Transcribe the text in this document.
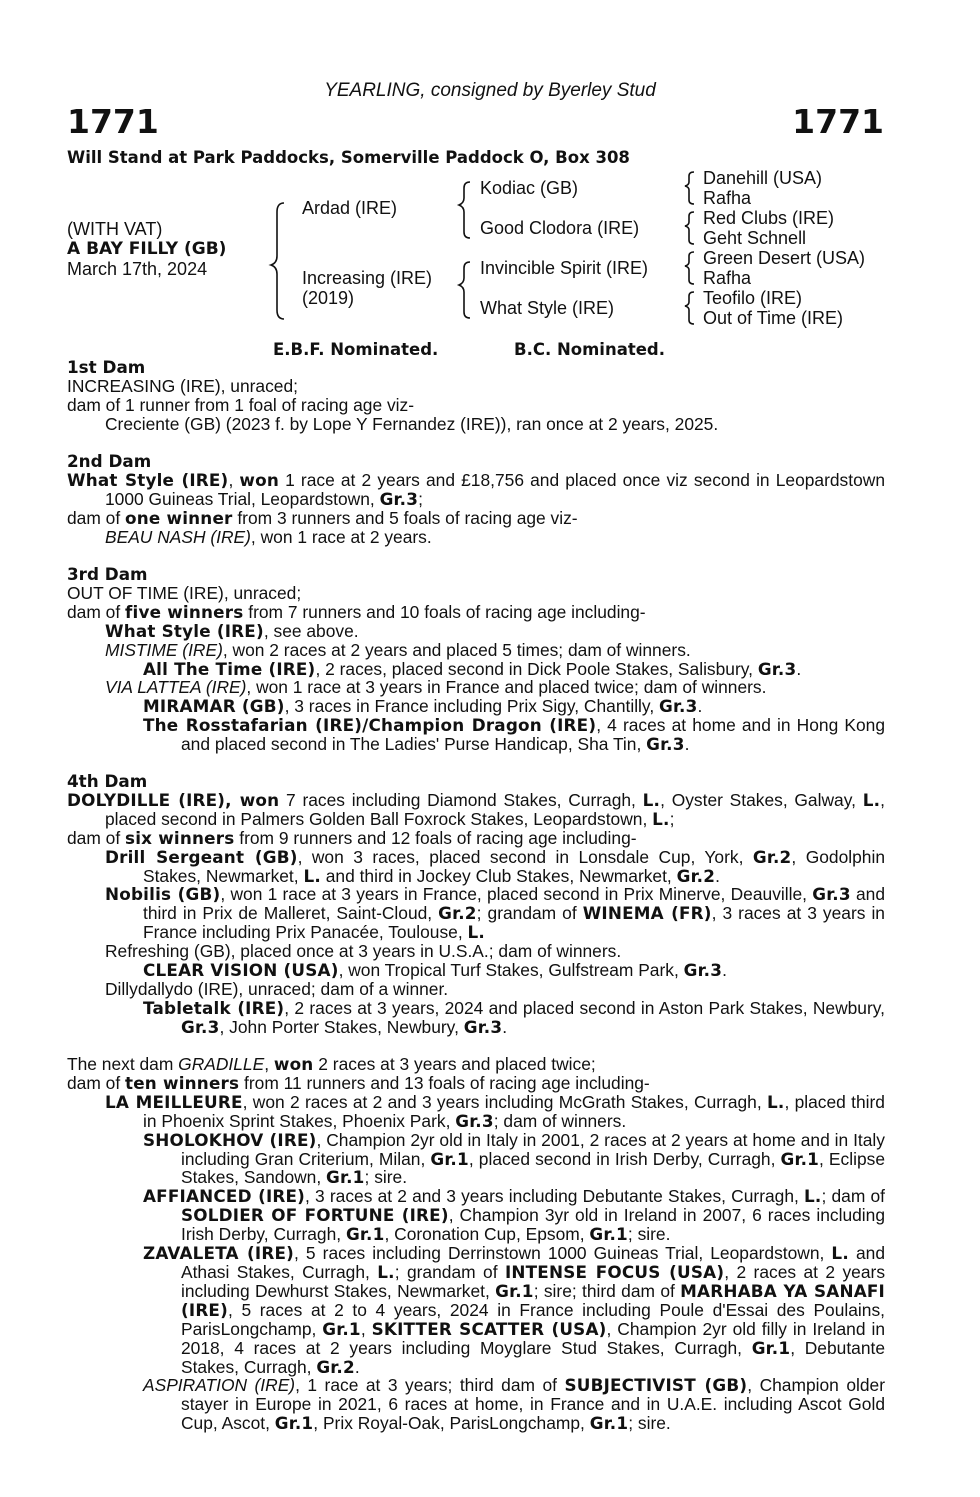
YEARLING, consigned by Byerley Stud
1771	1771
Will Stand at Park Paddocks, Somerville Paddock O, Box 308
(WITH VAT)
A BAY FILLY (GB)
March 17th, 2024
Ardad (IRE)
Increasing (IRE)
(2019)
Kodiac (GB)
Good Clodora (IRE)
Invincible Spirit (IRE)
What Style (IRE)
Danehill (USA)
Rafha
Red Clubs (IRE)
Geht Schnell
Green Desert (USA)
Rafha
Teofilo (IRE)
Out of Time (IRE)
E.B.F. Nominated.	B.C. Nominated.

1st Dam

INCREASING (IRE), unraced;

dam of 1 runner from 1 foal of racing age viz-

Creciente (GB) (2023 f. by Lope Y Fernandez (IRE)), ran once at 2 years, 2025.

2nd Dam

What Style (IRE), won 1 race at 2 years and £18,756 and placed once viz second in Leopardstown 1000 Guineas Trial, Leopardstown, Gr.3;

dam of one winner from 3 runners and 5 foals of racing age viz-

BEAU NASH (IRE), won 1 race at 2 years.

3rd Dam

OUT OF TIME (IRE), unraced;

dam of five winners from 7 runners and 10 foals of racing age including-

What Style (IRE), see above.

MISTIME (IRE), won 2 races at 2 years and placed 5 times; dam of winners.

All The Time (IRE), 2 races, placed second in Dick Poole Stakes, Salisbury, Gr.3.

VIA LATTEA (IRE), won 1 race at 3 years in France and placed twice; dam of winners.

MIRAMAR (GB), 3 races in France including Prix Sigy, Chantilly, Gr.3.

The Rosstafarian (IRE)/Champion Dragon (IRE), 4 races at home and in Hong Kong and placed second in The Ladies' Purse Handicap, Sha Tin, Gr.3.

4th Dam

DOLYDILLE (IRE), won 7 races including Diamond Stakes, Curragh, L., Oyster Stakes, Galway, L., placed second in Palmers Golden Ball Foxrock Stakes, Leopardstown, L.;

dam of six winners from 9 runners and 12 foals of racing age including-

Drill Sergeant (GB), won 3 races, placed second in Lonsdale Cup, York, Gr.2, Godolphin Stakes, Newmarket, L. and third in Jockey Club Stakes, Newmarket, Gr.2.

Nobilis (GB), won 1 race at 3 years in France, placed second in Prix Minerve, Deauville, Gr.3 and third in Prix de Malleret, Saint-Cloud, Gr.2; grandam of WINEMA (FR), 3 races at 3 years in France including Prix Panacée, Toulouse, L.

Refreshing (GB), placed once at 3 years in U.S.A.; dam of winners.

CLEAR VISION (USA), won Tropical Turf Stakes, Gulfstream Park, Gr.3.

Dillydallydo (IRE), unraced; dam of a winner.

Tabletalk (IRE), 2 races at 3 years, 2024 and placed second in Aston Park Stakes, Newbury, Gr.3, John Porter Stakes, Newbury, Gr.3.

The next dam GRADILLE, won 2 races at 3 years and placed twice;

dam of ten winners from 11 runners and 13 foals of racing age including-

LA MEILLEURE, won 2 races at 2 and 3 years including McGrath Stakes, Curragh, L., placed third in Phoenix Sprint Stakes, Phoenix Park, Gr.3; dam of winners.

SHOLOKHOV (IRE), Champion 2yr old in Italy in 2001, 2 races at 2 years at home and in Italy including Gran Criterium, Milan, Gr.1, placed second in Irish Derby, Curragh, Gr.1, Eclipse Stakes, Sandown, Gr.1; sire.

AFFIANCED (IRE), 3 races at 2 and 3 years including Debutante Stakes, Curragh, L.; dam of SOLDIER OF FORTUNE (IRE), Champion 3yr old in Ireland in 2007, 6 races including Irish Derby, Curragh, Gr.1, Coronation Cup, Epsom, Gr.1; sire.

ZAVALETA (IRE), 5 races including Derrinstown 1000 Guineas Trial, Leopardstown, L. and Athasi Stakes, Curragh, L.; grandam of INTENSE FOCUS (USA), 2 races at 2 years including Dewhurst Stakes, Newmarket, Gr.1; sire; third dam of MARHABA YA SANAFI (IRE), 5 races at 2 to 4 years, 2024 in France including Poule d'Essai des Poulains, ParisLongchamp, Gr.1, SKITTER SCATTER (USA), Champion 2yr old filly in Ireland in 2018, 4 races at 2 years including Moyglare Stud Stakes, Curragh, Gr.1, Debutante Stakes, Curragh, Gr.2.

ASPIRATION (IRE), 1 race at 3 years; third dam of SUBJECTIVIST (GB), Champion older stayer in Europe in 2021, 6 races at home, in France and in U.A.E. including Ascot Gold Cup, Ascot, Gr.1, Prix Royal-Oak, ParisLongchamp, Gr.1; sire.
